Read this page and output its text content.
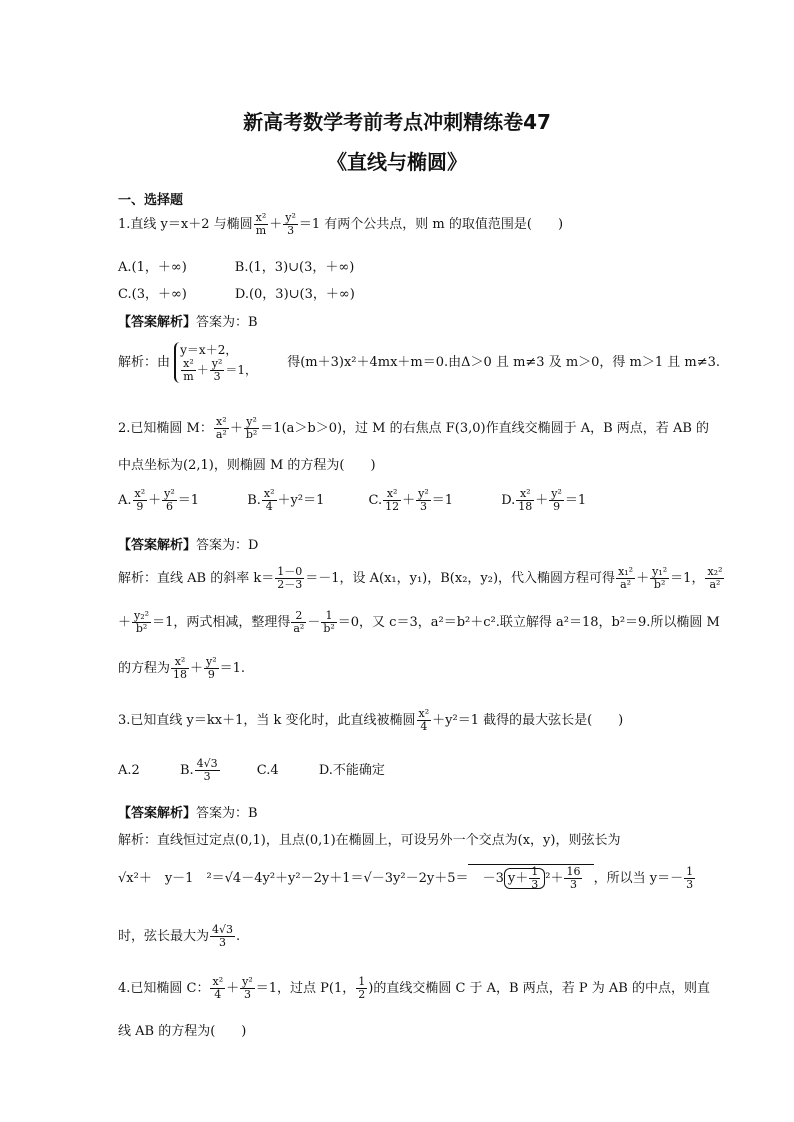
新高考数学考前考点冲刺精练卷47
《直线与椭圆》
一、选择题
1.直线 y＝x＋2 与椭圆 $\frac{\text{x²}}{m} + \frac{\text{y²}}{3} =1$ 有两个公共点，则 m 的取值范围是(　　)
A.(1，＋∞)	B.(1，3)∪(3，＋∞)
C.(3，＋∞)	D.(0，3)∪(3，＋∞)
【答案解析】答案为：B
解析：由
y＝x＋2，
$\frac{\text{x²}}{m} + \frac{\text{y²}}{3} =1$，
得(m＋3)x²＋4mx＋m＝0.由Δ＞0 且 m≠3 及 m＞0，得 m＞1 且 m≠3.
2.已知椭圆 M： $\frac{\text{x²}}{\text{a²}} + \frac{\text{y²}}{\text{b²}} =1(a>b>0)$，过 M 的右焦点 F(3,0)作直线交椭圆于 A，B 两点，若 AB 的
中点坐标为(2,1)，则椭圆 M 的方程为(　　)
A. $\frac{\text{x²}}{9} + \frac{\text{y²}}{6} =1$	B. $\frac{\text{x²}}{4} +y^2=1$	C. $\frac{\text{x²}}{12} + \frac{\text{y²}}{3} =1$	D. $\frac{\text{x²}}{18} + \frac{\text{y²}}{9} =1$
【答案解析】答案为：D
解析：直线 AB 的斜率 $k= \frac{1-0}{2-3} =-1$，设 A(x₁，y₁)，B(x₂，y₂)，代入椭圆方程可得 $\frac{\text{x₁²}}{\text{a²}} + \frac{\text{y₁²}}{\text{b²}} =1$， $\frac{\text{x₂²}}{\text{a²}}$
＋ $\frac{\text{y₂²}}{\text{b²}} =1$，两式相减，整理得 $\frac{2}{\text{a²}} - \frac{1}{\text{b²}} =0$，又 c＝3，a²＝b²＋c².联立解得 a²＝18，b²＝9.所以椭圆 M
的方程为 $\frac{\text{x²}}{18} + \frac{\text{y²}}{9} =1$.
3.已知直线 y＝kx＋1，当 k 变化时，此直线被椭圆 $\frac{\text{x²}}{4} +y^2=1$ 截得的最大弦长是(　　)
A.2	B. $\frac{4√3}{3}$	C.4	D.不能确定
【答案解析】答案为：B
解析：直线恒过定点(0,1)，且点(0,1)在椭圆上，可设另外一个交点为(x，y)，则弦长为
√x²＋　y－1　²＝√4－4y²＋y²－2y＋1＝√－3y²－2y＋5＝ －3 $y+ \frac{1}{3} ^2+ \frac{16}{3}$ ，所以当 $y=- \frac{1}{3}$
时，弦长最大为 $\frac{4√3}{3}$ .
4.已知椭圆 C： $\frac{\text{x²}}{4} + \frac{\text{y²}}{3} =1$，过点 P(1， $\frac{1}{2}$ )的直线交椭圆 C 于 A，B 两点，若 P 为 AB 的中点，则直
线 AB 的方程为(　　)
